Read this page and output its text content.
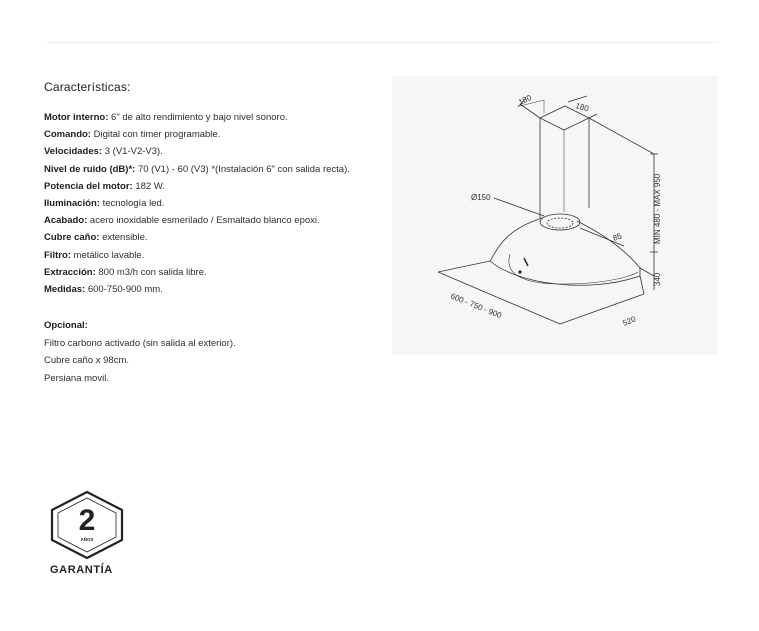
Características:
Motor interno: 6" de alto rendimiento y bajo nivel sonoro.
Comando: Digital con timer programable.
Velocidades: 3 (V1-V2-V3).
Nivel de ruido (dB)*: 70 (V1) - 60 (V3) *(Instalación 6" con salida recta).
Potencia del motor: 182 W.
Iluminación: tecnología led.
Acabado: acero inoxidable esmerilado / Esmaltado blanco epoxi.
Cubre caño: extensible.
Filtro: metálico lavable.
Extracción: 800 m3/h con salida libre.
Medidas: 600-750-900 mm.
Opcional:
Filtro carbono activado (sin salida al exterior).
Cubre caño x 98cm.
Persiana movil.
180
180
Ø150	MIN 480 - MAX 950
85
340
600 - 750 - 900
520
2
AÑOS
GARANTÍA
